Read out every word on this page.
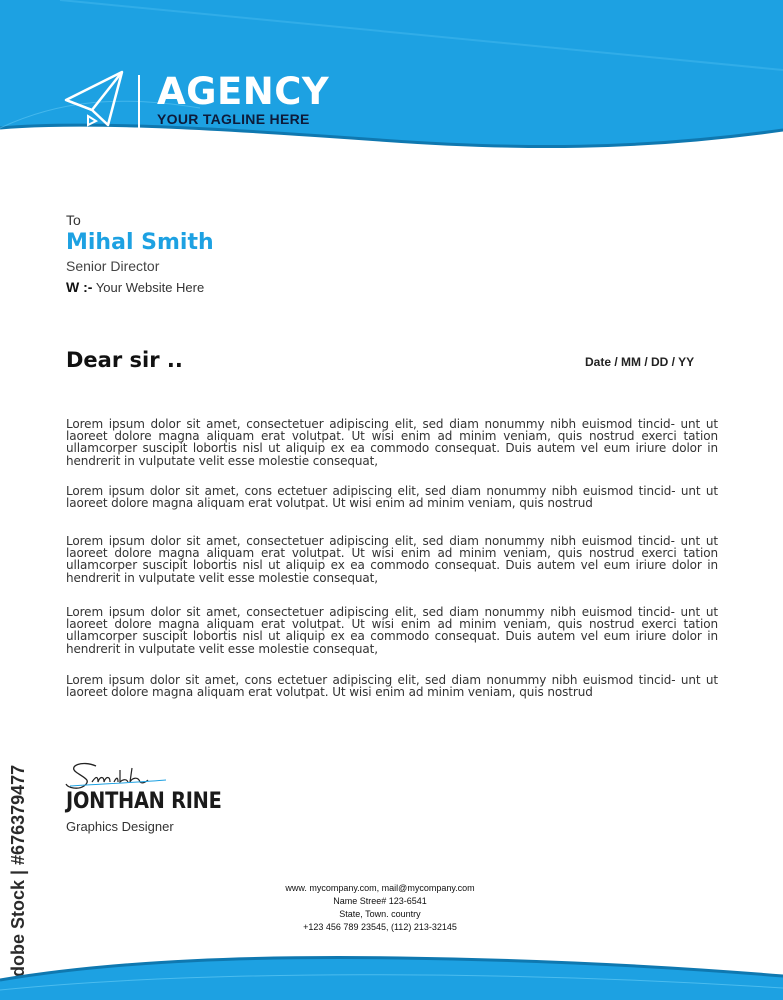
AGENCY
YOUR TAGLINE HERE
To
Mihal Smith
Senior Director
W :- Your Website Here
Dear sir ..	Date / MM / DD / YY

Lorem ipsum dolor sit amet, consectetuer adipiscing elit, sed diam nonummy nibh euismod tincid- unt ut laoreet dolore magna aliquam erat volutpat. Ut wisi enim ad minim veniam, quis nostrud exerci tation ullamcorper suscipit lobortis nisl ut aliquip ex ea commodo consequat. Duis autem vel eum iriure dolor in hendrerit in vulputate velit esse molestie consequat,

Lorem ipsum dolor sit amet, cons ectetuer adipiscing elit, sed diam nonummy nibh euismod tincid- unt ut laoreet dolore magna aliquam erat volutpat. Ut wisi enim ad minim veniam, quis nostrud

Lorem ipsum dolor sit amet, consectetuer adipiscing elit, sed diam nonummy nibh euismod tincid- unt ut laoreet dolore magna aliquam erat volutpat. Ut wisi enim ad minim veniam, quis nostrud exerci tation ullamcorper suscipit lobortis nisl ut aliquip ex ea commodo consequat. Duis autem vel eum iriure dolor in hendrerit in vulputate velit esse molestie consequat,

Lorem ipsum dolor sit amet, consectetuer adipiscing elit, sed diam nonummy nibh euismod tincid- unt ut laoreet dolore magna aliquam erat volutpat. Ut wisi enim ad minim veniam, quis nostrud exerci tation ullamcorper suscipit lobortis nisl ut aliquip ex ea commodo consequat. Duis autem vel eum iriure dolor in hendrerit in vulputate velit esse molestie consequat,

Lorem ipsum dolor sit amet, cons ectetuer adipiscing elit, sed diam nonummy nibh euismod tincid- unt ut laoreet dolore magna aliquam erat volutpat. Ut wisi enim ad minim veniam, quis nostrud

JONTHAN RINE
Graphics Designer
www. mycompany.com, mail@mycompany.com
Name Stree# 123-6541
State, Town. country
+123 456 789 23545, (112) 213-32145
Adobe Stock | #676379477
